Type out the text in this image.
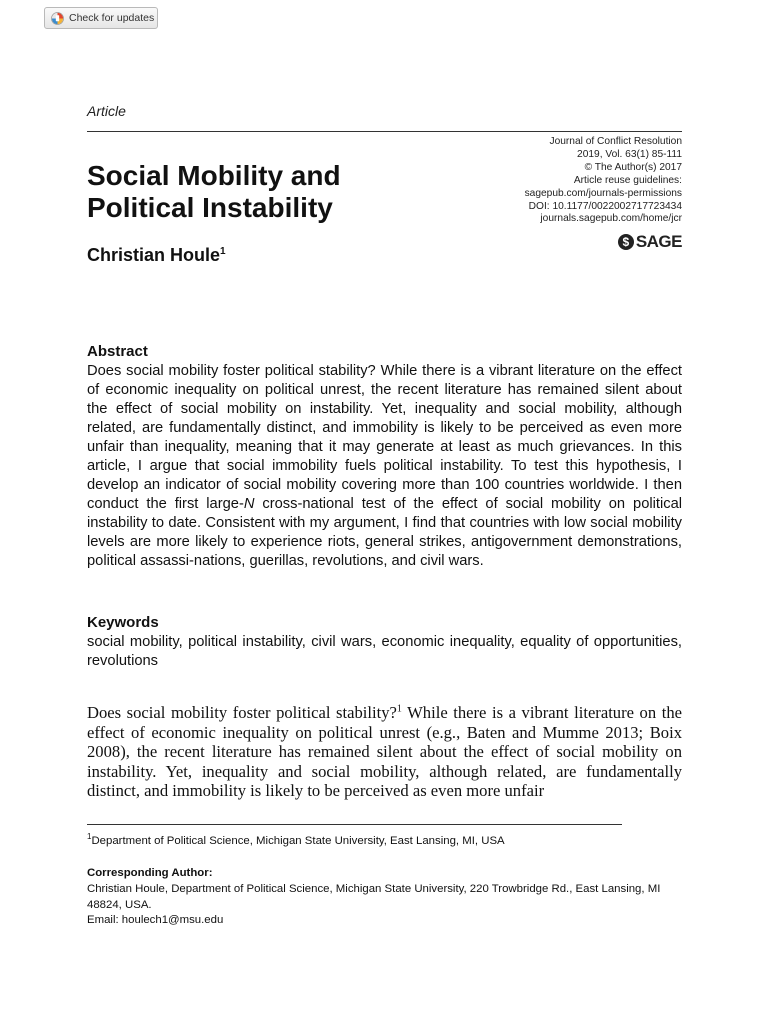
Check for updates
Article
Journal of Conflict Resolution
2019, Vol. 63(1) 85-111
© The Author(s) 2017
Article reuse guidelines:
sagepub.com/journals-permissions
DOI: 10.1177/0022002717723434
journals.sagepub.com/home/jcr
$ SAGE
Social Mobility and
Political Instability
Christian Houle$^1$
Abstract
Does social mobility foster political stability? While there is a vibrant literature on the effect of economic inequality on political unrest, the recent literature has remained silent about the effect of social mobility on instability. Yet, inequality and social mobility, although related, are fundamentally distinct, and immobility is likely to be perceived as even more unfair than inequality, meaning that it may generate at least as much grievances. In this article, I argue that social immobility fuels political instability. To test this hypothesis, I develop an indicator of social mobility covering more than 100 countries worldwide. I then conduct the first large-N cross-national test of the effect of social mobility on political instability to date. Consistent with my argument, I find that countries with low social mobility levels are more likely to experience riots, general strikes, antigovernment demonstrations, political assassi-nations, guerillas, revolutions, and civil wars.
Keywords
social mobility, political instability, civil wars, economic inequality, equality of opportunities, revolutions
Does social mobility foster political stability?$^1$ While there is a vibrant literature on the effect of economic inequality on political unrest (e.g., Baten and Mumme 2013; Boix 2008), the recent literature has remained silent about the effect of social mobility on instability. Yet, inequality and social mobility, although related, are fundamentally distinct, and immobility is likely to be perceived as even more unfair
$^1$Department of Political Science, Michigan State University, East Lansing, MI, USA
Corresponding Author:
Christian Houle, Department of Political Science, Michigan State University, 220 Trowbridge Rd., East Lansing, MI 48824, USA.
Email: houlech1@msu.edu
